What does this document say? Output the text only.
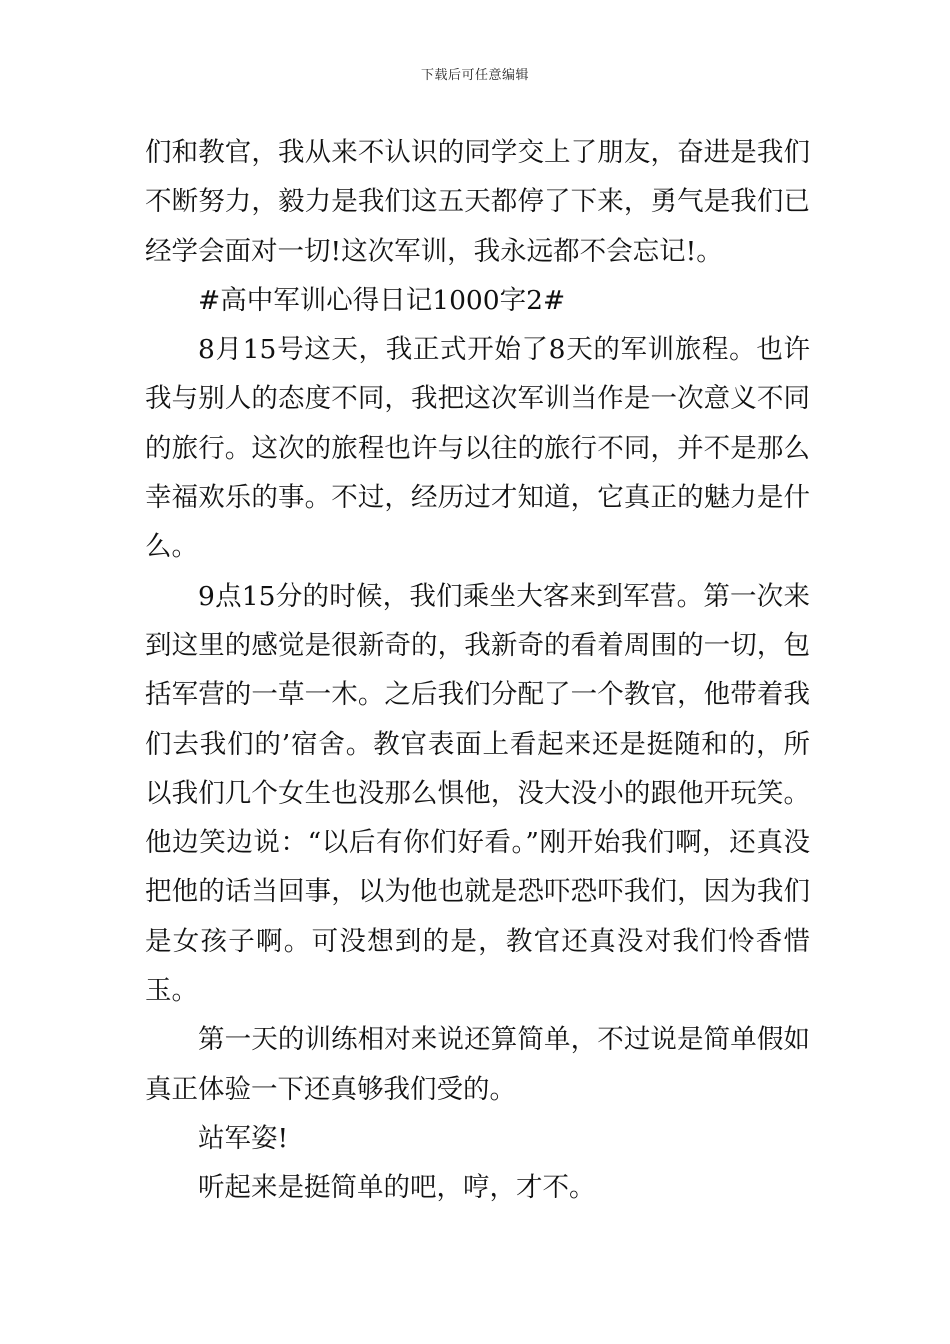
下载后可任意编辑

们和教官，我从来不认识的同学交上了朋友，奋进是我们不断努力，毅力是我们这五天都停了下来，勇气是我们已经学会面对一切!这次军训，我永远都不会忘记!。

#高中军训心得日记1000字2#

8月15号这天，我正式开始了8天的军训旅程。也许我与别人的态度不同，我把这次军训当作是一次意义不同的旅行。这次的旅程也许与以往的旅行不同，并不是那么幸福欢乐的事。不过，经历过才知道，它真正的魅力是什么。

9点15分的时候，我们乘坐大客来到军营。第一次来到这里的感觉是很新奇的，我新奇的看着周围的一切，包括军营的一草一木。之后我们分配了一个教官，他带着我们去我们的’宿舍。教官表面上看起来还是挺随和的，所以我们几个女生也没那么惧他，没大没小的跟他开玩笑。他边笑边说：“以后有你们好看。”刚开始我们啊，还真没把他的话当回事，以为他也就是恐吓恐吓我们，因为我们是女孩子啊。可没想到的是，教官还真没对我们怜香惜玉。

第一天的训练相对来说还算简单，不过说是简单假如真正体验一下还真够我们受的。

站军姿!

听起来是挺简单的吧，哼，才不。
